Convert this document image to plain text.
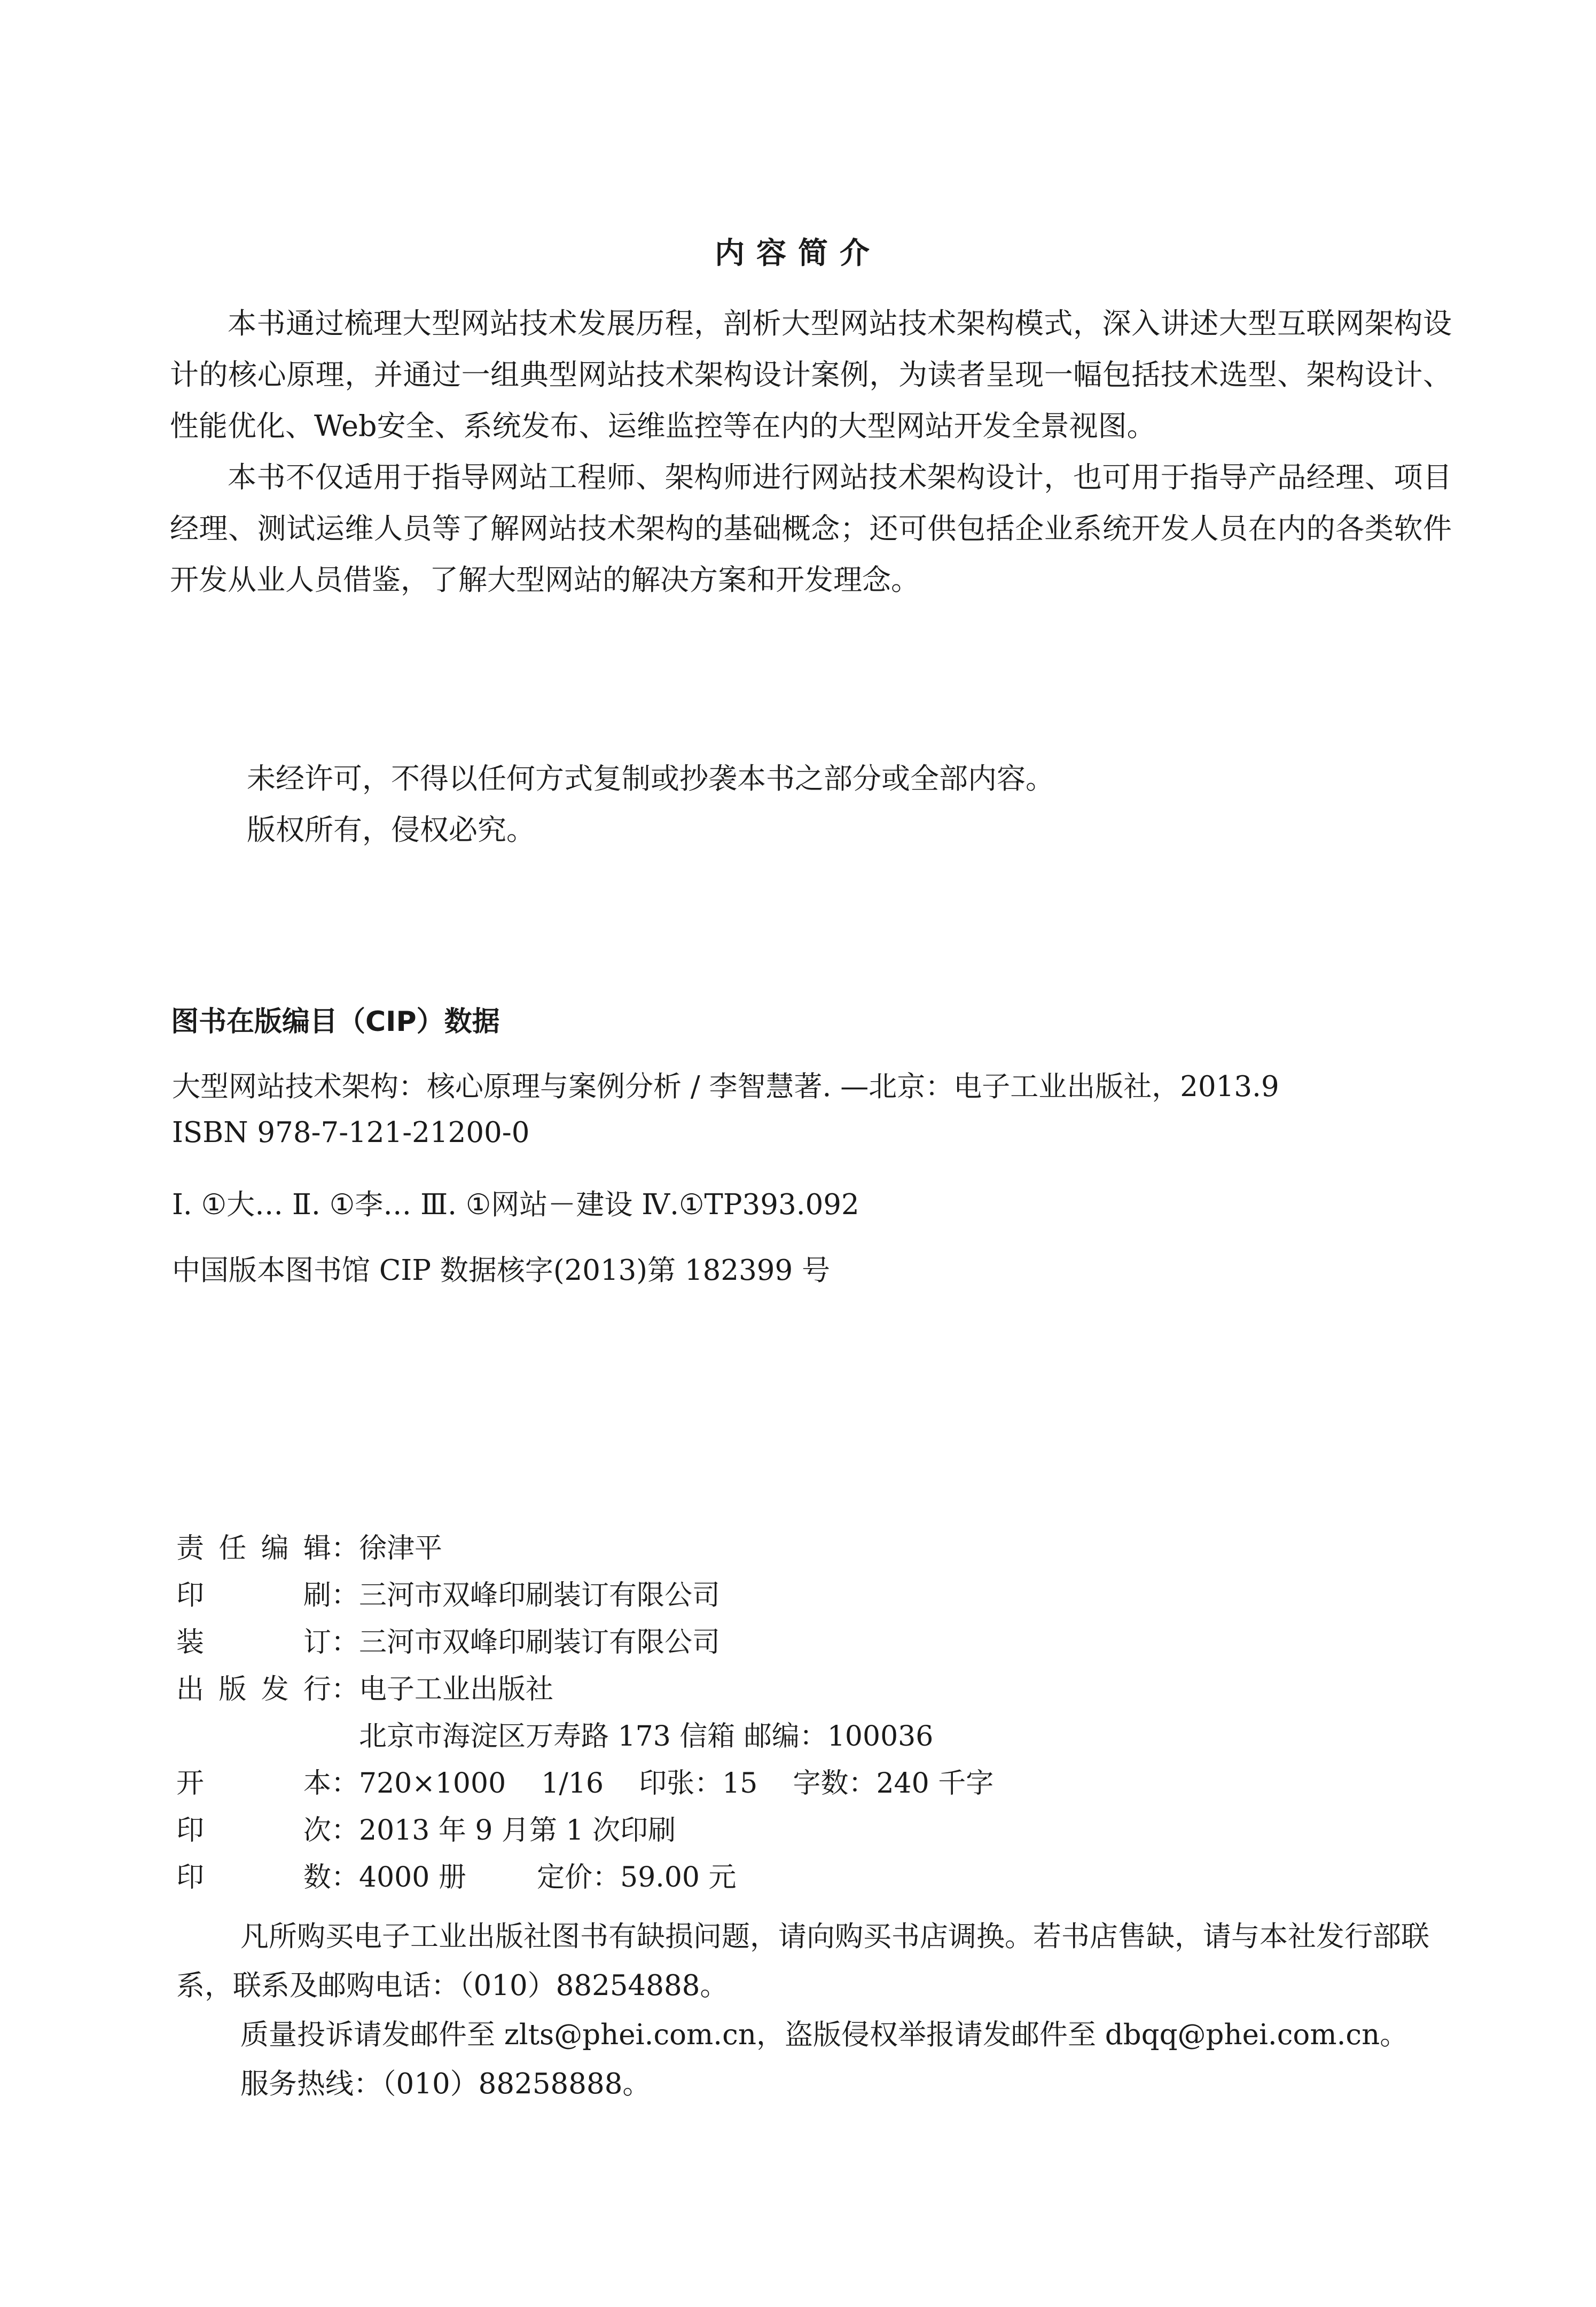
内容简介

本书通过梳理大型网站技术发展历程，剖析大型网站技术架构模式，深入讲述大型互联网架构设计的核心原理，并通过一组典型网站技术架构设计案例，为读者呈现一幅包括技术选型、架构设计、性能优化、Web安全、系统发布、运维监控等在内的大型网站开发全景视图。

本书不仅适用于指导网站工程师、架构师进行网站技术架构设计，也可用于指导产品经理、项目经理、测试运维人员等了解网站技术架构的基础概念；还可供包括企业系统开发人员在内的各类软件开发从业人员借鉴，了解大型网站的解决方案和开发理念。

未经许可，不得以任何方式复制或抄袭本书之部分或全部内容。
版权所有，侵权必究。
图书在版编目（CIP）数据
大型网站技术架构：核心原理与案例分析 / 李智慧著. —北京：电子工业出版社，2013.9
ISBN 978-7-121-21200-0
Ⅰ. ①大… Ⅱ. ①李… Ⅲ. ①网站－建设 Ⅳ.①TP393.092
中国版本图书馆 CIP 数据核字(2013)第 182399 号
责任编辑 ： 徐津平
印刷 ： 三河市双峰印刷装订有限公司
装订 ： 三河市双峰印刷装订有限公司
出版发行 ： 电子工业出版社
北京市海淀区万寿路 173 信箱 邮编：100036
开本 ： 720×1000    1/16    印张：15    字数：240 千字
印次 ： 2013 年 9 月第 1 次印刷
印数 ： 4000 册        定价：59.00 元

凡所购买电子工业出版社图书有缺损问题，请向购买书店调换。若书店售缺，请与本社发行部联系，联系及邮购电话：（010）88254888。

质量投诉请发邮件至 zlts@phei.com.cn，盗版侵权举报请发邮件至 dbqq@phei.com.cn。

服务热线：（010）88258888。
